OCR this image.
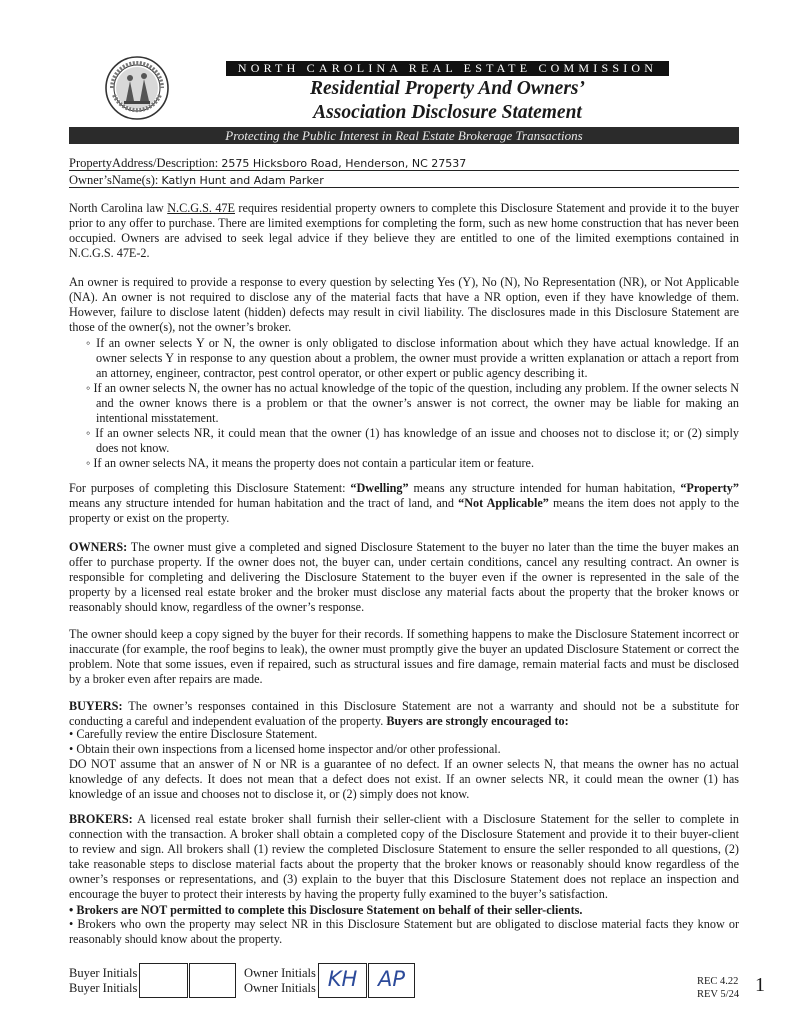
NORTH CAROLINA REAL ESTATE COMMISSION
Residential Property And Owners’
Association Disclosure Statement
Protecting the Public Interest in Real Estate Brokerage Transactions
PropertyAddress/Description: 2575 Hicksboro Road, Henderson, NC 27537
Owner’sName(s): Katlyn Hunt and Adam Parker
North Carolina law N.C.G.S. 47E requires residential property owners to complete this Disclosure Statement and provide it to the buyer prior to any offer to purchase. There are limited exemptions for completing the form, such as new home construction that has never been occupied. Owners are advised to seek legal advice if they believe they are entitled to one of the limited exemptions contained in N.C.G.S. 47E-2.
An owner is required to provide a response to every question by selecting Yes (Y), No (N), No Representation (NR), or Not Applicable (NA). An owner is not required to disclose any of the material facts that have a NR option, even if they have knowledge of them. However, failure to disclose latent (hidden) defects may result in civil liability. The disclosures made in this Disclosure Statement are those of the owner(s), not the owner’s broker.
◦ If an owner selects Y or N, the owner is only obligated to disclose information about which they have actual knowledge. If an owner selects Y in response to any question about a problem, the owner must provide a written explanation or attach a report from an attorney, engineer, contractor, pest control operator, or other expert or public agency describing it.
◦ If an owner selects N, the owner has no actual knowledge of the topic of the question, including any problem. If the owner selects N and the owner knows there is a problem or that the owner’s answer is not correct, the owner may be liable for making an intentional misstatement.
◦ If an owner selects NR, it could mean that the owner (1) has knowledge of an issue and chooses not to disclose it; or (2) simply does not know.
◦ If an owner selects NA, it means the property does not contain a particular item or feature.
For purposes of completing this Disclosure Statement: “Dwelling” means any structure intended for human habitation, “Property” means any structure intended for human habitation and the tract of land, and “Not Applicable” means the item does not apply to the property or exist on the property.
OWNERS: The owner must give a completed and signed Disclosure Statement to the buyer no later than the time the buyer makes an offer to purchase property. If the owner does not, the buyer can, under certain conditions, cancel any resulting contract. An owner is responsible for completing and delivering the Disclosure Statement to the buyer even if the owner is represented in the sale of the property by a licensed real estate broker and the broker must disclose any material facts about the property that the broker knows or reasonably should know, regardless of the owner’s response.
The owner should keep a copy signed by the buyer for their records. If something happens to make the Disclosure Statement incorrect or inaccurate (for example, the roof begins to leak), the owner must promptly give the buyer an updated Disclosure Statement or correct the problem. Note that some issues, even if repaired, such as structural issues and fire damage, remain material facts and must be disclosed by a broker even after repairs are made.
BUYERS: The owner’s responses contained in this Disclosure Statement are not a warranty and should not be a substitute for conducting a careful and independent evaluation of the property. Buyers are strongly encouraged to:
• Carefully review the entire Disclosure Statement.
• Obtain their own inspections from a licensed home inspector and/or other professional.
DO NOT assume that an answer of N or NR is a guarantee of no defect. If an owner selects N, that means the owner has no actual knowledge of any defects. It does not mean that a defect does not exist. If an owner selects NR, it could mean the owner (1) has knowledge of an issue and chooses not to disclose it, or (2) simply does not know.
BROKERS: A licensed real estate broker shall furnish their seller-client with a Disclosure Statement for the seller to complete in connection with the transaction. A broker shall obtain a completed copy of the Disclosure Statement and provide it to their buyer-client to review and sign. All brokers shall (1) review the completed Disclosure Statement to ensure the seller responded to all questions, (2) take reasonable steps to disclose material facts about the property that the broker knows or reasonably should know regardless of the owner’s responses or representations, and (3) explain to the buyer that this Disclosure Statement does not replace an inspection and encourage the buyer to protect their interests by having the property fully examined to the buyer’s satisfaction.
• Brokers are NOT permitted to complete this Disclosure Statement on behalf of their seller-clients.
• Brokers who own the property may select NR in this Disclosure Statement but are obligated to disclose material facts they know or reasonably should know about the property.
Buyer Initials
Buyer Initials
Owner Initials
Owner Initials KH AP	REC 4.22
REV 5/24 1
